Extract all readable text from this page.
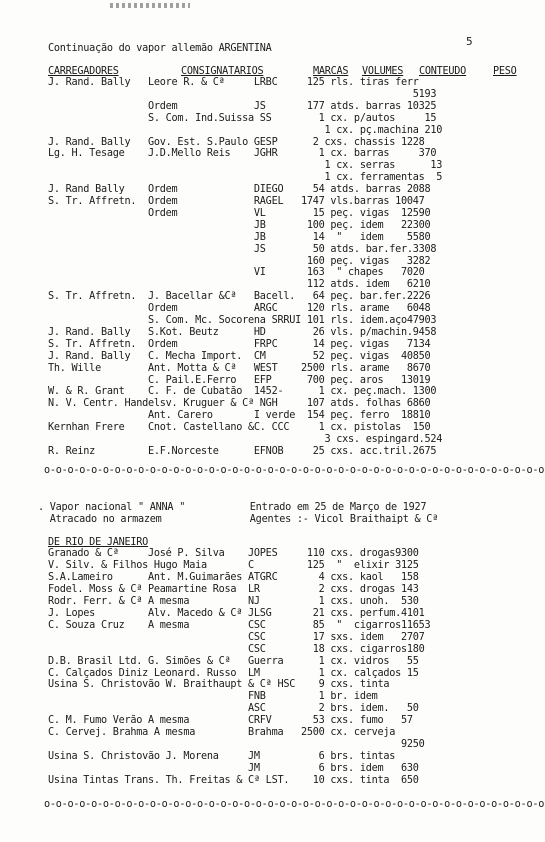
5
Continuação do vapor allemão ARGENTINA
CARREGADORES	CONSIGNATARIOS	MARCAS VOLUMES CONTEUDO	PESO
J. Rand. Bally   Leore R. & Cª     LRBC     125 rls. tiras ferr
5193
Ordem             JS       177 atds. barras 10325
S. Com. Ind.Suissa SS        1 cx. p/autos     15
1 cx. pç.machina 210
J. Rand. Bally   Gov. Est. S.Paulo GESP      2 cxs. chassis 1228
Lg. H. Tesage    J.D.Mello Reis    JGHR       1 cx. barras     370
1 cx. serras      13
1 cx. ferramentas  5
J. Rand Bally    Ordem             DIEGO     54 atds. barras 2088
S. Tr. Affretn.  Ordem             RAGEL   1747 vls.barras 10047
Ordem             VL        15 peç. vigas  12590
JB       100 peç. idem   22300
JB        14  "   idem    5580
JS        50 atds. bar.fer.3308
160 peç. vigas   3282
VI       163  " chapes   7020
112 atds. idem   6210
S. Tr. Affretn.  J. Bacellar &Cª   Bacell.   64 peç. bar.fer.2226
Ordem             ARGC     120 rls. arame   6048
S. Com. Mc. Socorena SRRUI 101 rls. idem.aço47903
J. Rand. Bally   S.Kot. Beutz      HD        26 vls. p/machin.9458
S. Tr. Affretn.  Ordem             FRPC      14 peç. vigas   7134
J. Rand. Bally   C. Mecha Import.  CM        52 peç. vigas  40850
Th. Wille        Ant. Motta & Cª   WEST    2500 rls. arame   8670
C. Pail.E.Ferro   EFP      700 peç. aros   13019
W. & R. Grant    C. F. de Cubatão  1452-      1 cx. peç.mach. 1300
N. V. Centr. Handelsv. Kruguer & Cª NGH     107 atds. folhas 6860
Ant. Carero       I verde  154 peç. ferro  18810
Kernhan Frere    Cnot. Castellano &C. CCC     1 cx. pistolas  150
3 cxs. espingard.524
R. Reinz         E.F.Norceste      EFNOB     25 cxs. acc.tril.2675
o-o-o-o-o-o-o-o-o-o-o-o-o-o-o-o-o-o-o-o-o-o-o-o-o-o-o-o-o-o-o-o-o-o-o-o-o-o-o-o-o-o-o
. Vapor nacional " ANNA "           Entrado em 25 de Março de 1927
Atracado no armazem               Agentes :- Vicol Braithaipt & Cª
DE RIO DE JANEIRO
Granado & Cª     José P. Silva    JOPES     110 cxs. drogas9300
V. Silv. & Filhos Hugo Maia       C         125  "  elixir 3125
S.A.Lameiro      Ant. M.Guimarães ATGRC       4 cxs. kaol   158
Fodel. Moss & Cª Peamartine Rosa  LR          2 cxs. drogas 143
Rodr. Ferr. & Cª A mesma          NJ          1 cxs. unoh.  530
J. Lopes         Alv. Macedo & Cª JLSG       21 cxs. perfum.4101
C. Souza Cruz    A mesma          CSC        85  "  cigarros11653
CSC        17 sxs. idem   2707
CSC        18 cxs. cigarros180
D.B. Brasil Ltd. G. Simões & Cª   Guerra      1 cx. vidros   55
C. Calçados Diniz Leonard. Russo  LM          1 cx. calçados 15
Usina S. Christovão W. Braithaupt & Cª HSC    9 cxs. tinta
FNB         1 br. idem
ASC         2 brs. idem.   50
C. M. Fumo Verão A mesma          CRFV       53 cxs. fumo   57
C. Cervej. Brahma A mesma         Brahma   2500 cx. cerveja
9250
Usina S. Christovão J. Morena     JM          6 brs. tintas
JM          6 brs. idem   630
Usina Tintas Trans. Th. Freitas & Cª LST.    10 cxs. tinta  650
o-o-o-o-o-o-o-o-o-o-o-o-o-o-o-o-o-o-o-o-o-o-o-o-o-o-o-o-o-o-o-o-o-o-o-o-o-o-o-o-o-o-o
